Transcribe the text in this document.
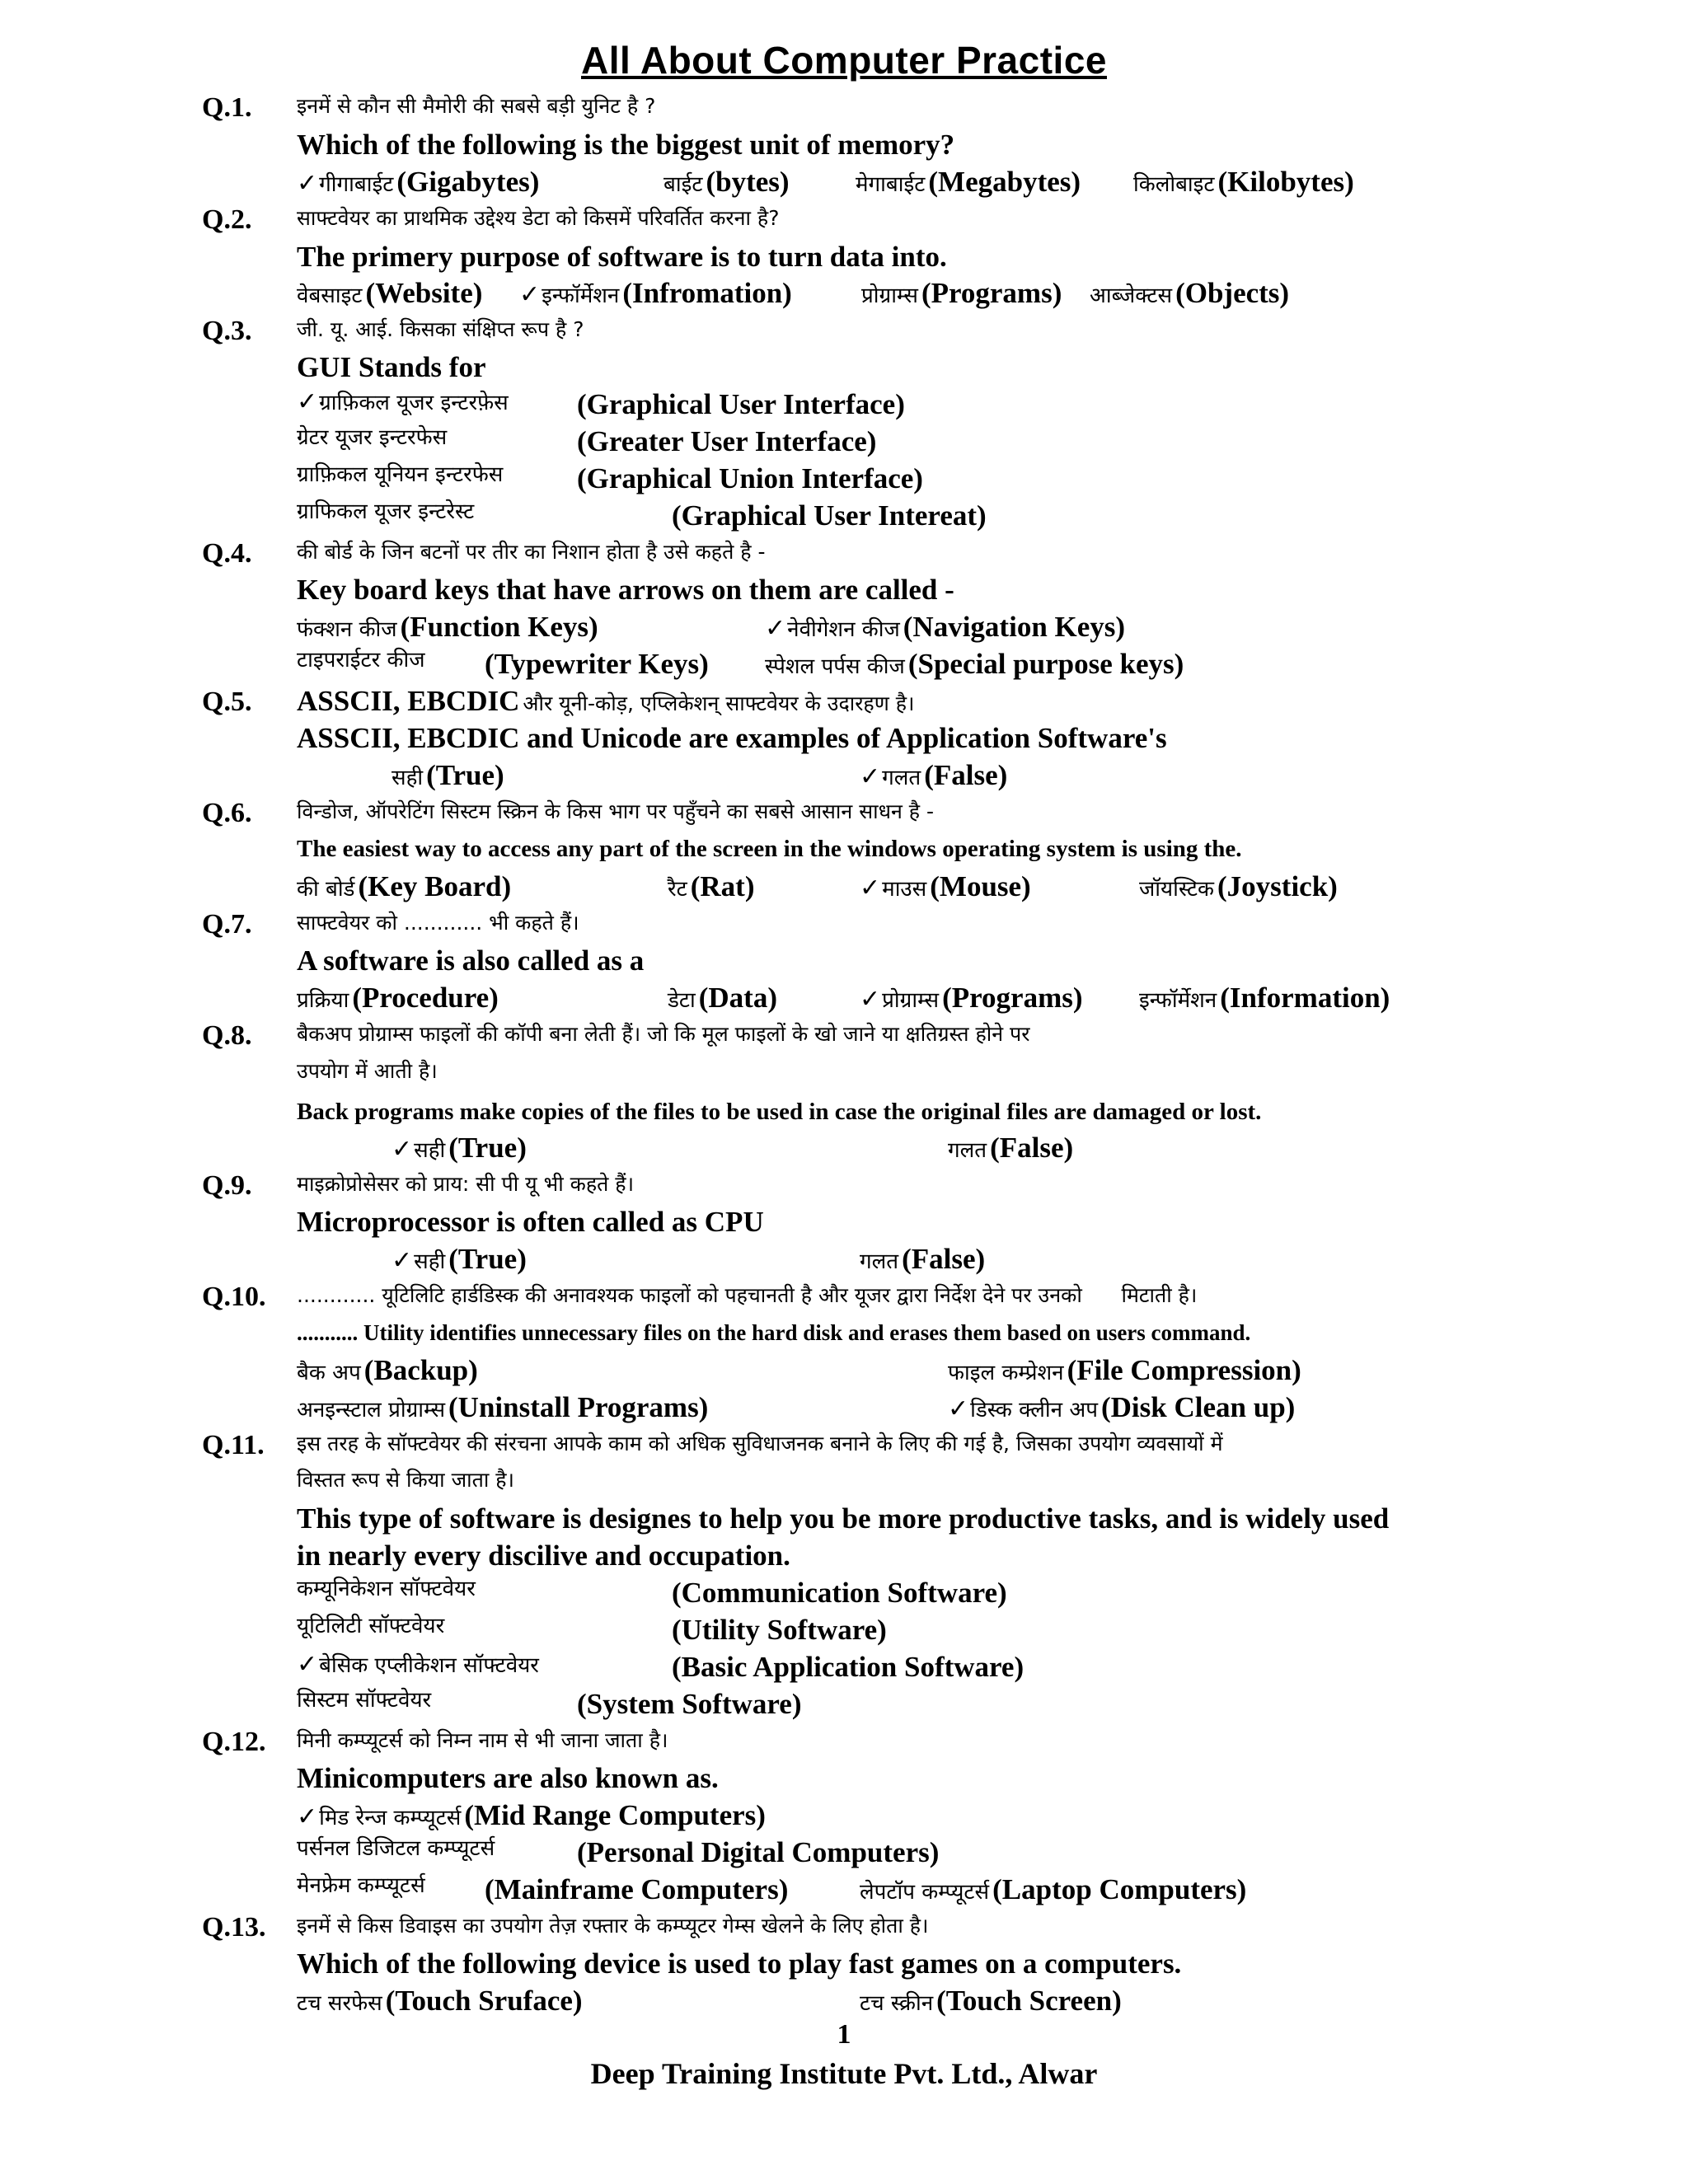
All About Computer Practice
Q.1. इनमें से कौन सी मैमोरी की सबसे बड़ी युनिट है ?
Which of the following is the biggest unit of memory?
✓गीगाबाईट (Gigabytes)	बाईट (bytes)	मेगाबाईट (Megabytes) किलोबाइट (Kilobytes)
Q.2. साफ्टवेयर का प्राथमिक उद्देश्य डेटा को किसमें परिवर्तित करना है?
The primery purpose of software is to turn data into.
वेबसाइट (Website) ✓इन्फॉर्मेशन (Infromation)	प्रोग्राम्स (Programs) आब्जेक्टस (Objects)
Q.3. जी. यू. आई. किसका संक्षिप्त रूप है ?
GUI Stands for
✓ग्राफ़िकल यूजर इन्टरफ़ेस (Graphical User Interface)
ग्रेटर यूजर इन्टरफेस	(Greater User Interface)
ग्राफ़िकल यूनियन इन्टरफेस	(Graphical Union Interface)
ग्राफिकल यूजर इन्टरेस्ट	(Graphical User Intereat)
Q.4. की बोर्ड के जिन बटनों पर तीर का निशान होता है उसे कहते है -
Key board keys that have arrows on them are called -
फंक्शन कीज (Function Keys)	✓नेवीगेशन कीज (Navigation Keys)
टाइपराईटर कीज (Typewriter Keys)	स्पेशल पर्पस कीज (Special purpose keys)
Q.5. ASSCII, EBCDIC और यूनी-कोड़, एप्लिकेशन् साफ्टवेयर के उदारहण है।
ASSCII, EBCDIC and Unicode are examples of Application Software's
सही (True)	✓गलत (False)
Q.6. विन्डोज, ऑपरेटिंग सिस्टम स्क्रिन के किस भाग पर पहुँचने का सबसे आसान साधन है -
The easiest way to access any part of the screen in the windows operating system is using the.
की बोर्ड (Key Board)	रैट (Rat)	✓माउस (Mouse)	जॉयस्टिक (Joystick)
Q.7. साफ्टवेयर को ............ भी कहते हैं।
A software is also called as a
प्रक्रिया (Procedure)	डेटा (Data)	✓प्रोग्राम्स (Programs)	इन्फॉर्मेशन (Information)
Q.8. बैकअप प्रोग्राम्स फाइलों की कॉपी बना लेती हैं। जो कि मूल फाइलों के खो जाने या क्षतिग्रस्त होने पर
उपयोग में आती है।
Back programs make copies of the files to be used in case the original files are damaged or lost.
✓सही (True)	गलत (False)
Q.9. माइक्रोप्रोसेसर को प्राय: सी पी यू भी कहते हैं।
Microprocessor is often called as CPU
✓सही (True)	गलत (False)
Q.10. ............ यूटिलिटि हार्डडिस्क की अनावश्यक फाइलों को पहचानती है और यूजर द्वारा निर्देश देने पर उनको      मिटाती है।
........... Utility identifies unnecessary files on the hard disk and erases them based on users command.
बैक अप (Backup)	फाइल कम्प्रेशन (File Compression)
अनइन्स्टाल प्रोग्राम्स (Uninstall Programs)	✓डिस्क क्लीन अप (Disk Clean up)
Q.11. इस तरह के सॉफ्टवेयर की संरचना आपके काम को अधिक सुविधाजनक बनाने के लिए की गई है, जिसका उपयोग व्यवसायों में
विस्तत रूप से किया जाता है।
This type of software is designes to help you be more productive tasks, and is widely used
in nearly every discilive and occupation.
कम्यूनिकेशन सॉफ्टवेयर	(Communication Software)
यूटिलिटी सॉफ्टवेयर	(Utility Software)
✓बेसिक एप्लीकेशन सॉफ्टवेयर	(Basic Application Software)
सिस्टम सॉफ्टवेयर	(System Software)
Q.12. मिनी कम्प्यूटर्स को निम्न नाम से भी जाना जाता है।
Minicomputers are also known as.
✓मिड रेन्ज कम्प्यूटर्स (Mid Range Computers)
पर्सनल डिजिटल कम्प्यूटर्स	(Personal Digital Computers)
मेनफ्रेम कम्प्यूटर्स (Mainframe Computers)	लेपटॉप कम्प्यूटर्स (Laptop Computers)
Q.13. इनमें से किस डिवाइस का उपयोग तेज़ रफ्तार के कम्प्यूटर गेम्स खेलने के लिए होता है।
Which of the following device is used to play fast games on a computers.
टच सरफेस (Touch Sruface)	टच स्क्रीन (Touch Screen)
1
Deep Training Institute Pvt. Ltd., Alwar
